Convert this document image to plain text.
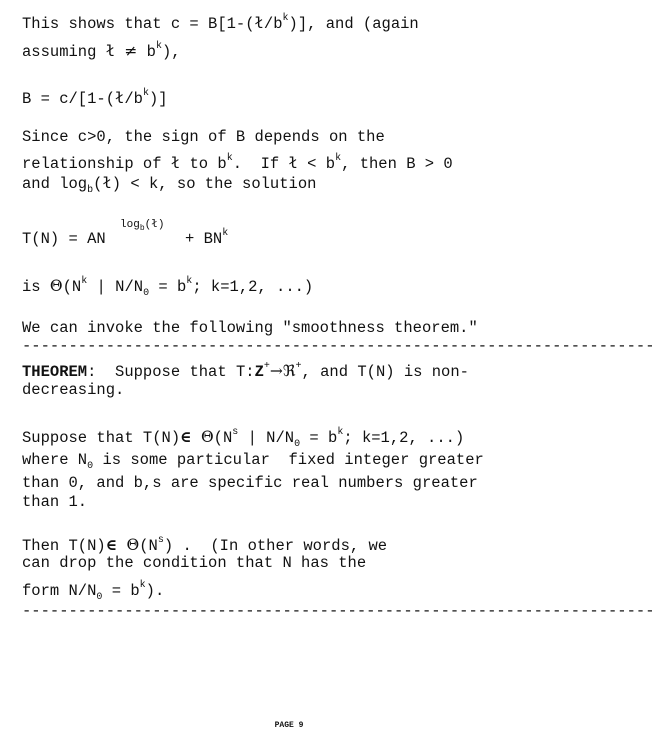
This shows that $c = B[1-(ł/b^k)]$, and (again
assuming ł ≠ $b^k$),
$B = c/[1-(ł/b^k)]$
Since c>0, the sign of B depends on the
relationship of ł to $b^k$.  If ł < $b^k$, then B > 0
and $\log_b(ł) < k$, so the solution
$\log_b(ł)$
T(N) = AN	+ $BN^k$
is $\Theta(N^k$ | $N/N_0 = b^k$; k=1,2, ...)
We can invoke the following "smoothness theorem."
--------------------------------------------------------------------
THEOREM:  Suppose that T:Z+→ℜ+, and T(N) is non-
decreasing.
Suppose that T(N)∈ $\Theta(N^s$ | $N/N_0 = b^k$; k=1,2, ...)
where $N_0$ is some particular  fixed integer greater
than 0, and b,s are specific real numbers greater
than 1.
Then T(N)∈ $\Theta(N^s)$ .  (In other words, we
can drop the condition that N has the
form $N/N_0 = b^k$).
--------------------------------------------------------------------
PAGE 9
